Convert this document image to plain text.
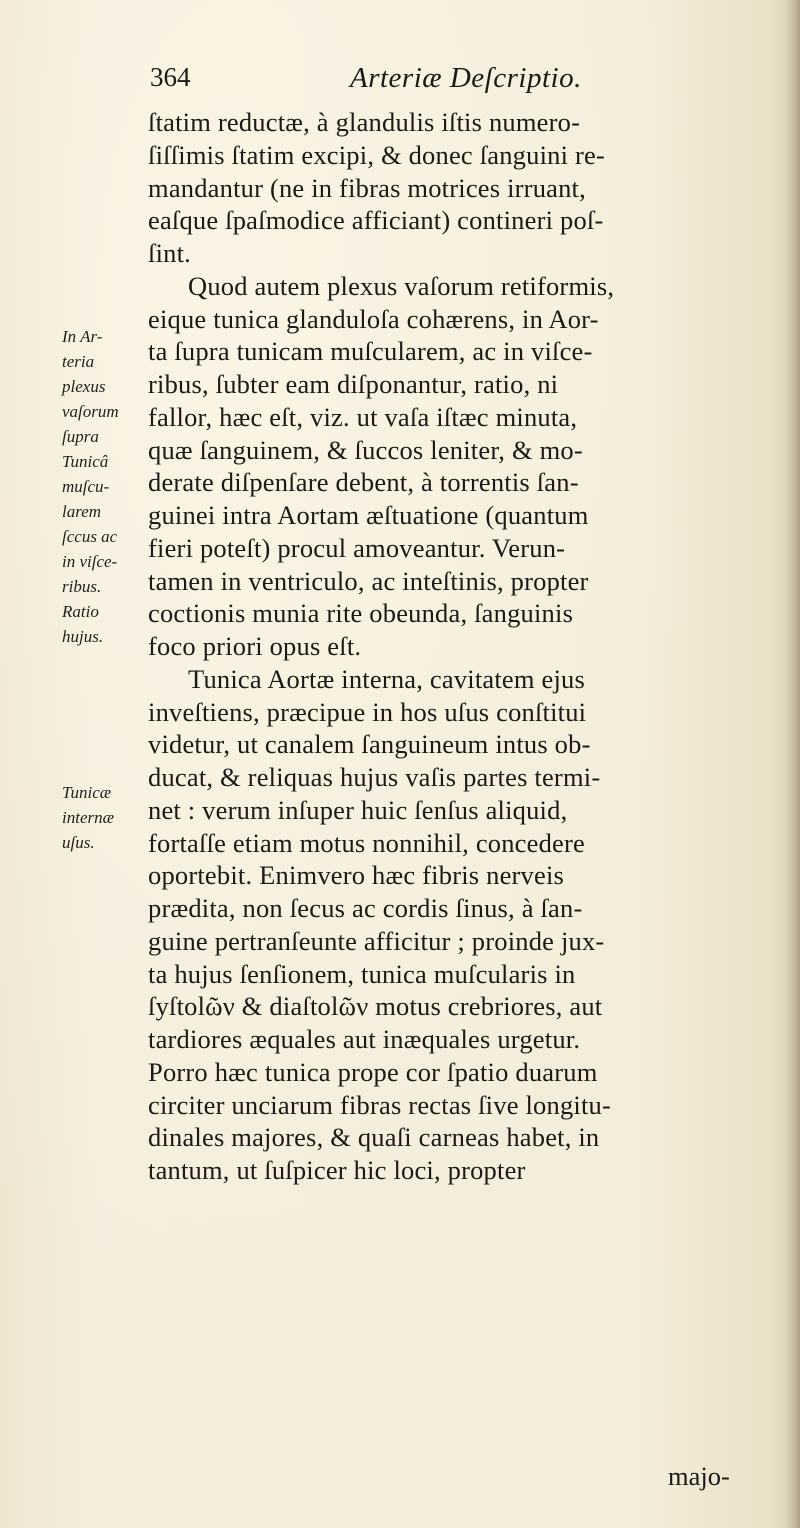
364	Arteriæ Deſcriptio.
In Ar-
teria
plexus
vaſorum
ſupra
Tunicâ
muſcu-
larem
ſccus ac
in viſce-
ribus.
Ratio
hujus.
Tunicæ
internæ
uſus.
ſtatim reductæ, à glandulis iſtis numero-
ſiſſimis ſtatim excipi, & donec ſanguini re-
mandantur (ne in fibras motrices irruant,
eaſque ſpaſmodice afficiant) contineri poſ-
ſint.
Quod autem plexus vaſorum retiformis,
eique tunica glanduloſa cohærens, in Aor-
ta ſupra tunicam muſcularem, ac in viſce-
ribus, ſubter eam diſponantur, ratio, ni
fallor, hæc eſt, viz. ut vaſa iſtæc minuta,
quæ ſanguinem, & ſuccos leniter, & mo-
derate diſpenſare debent, à torrentis ſan-
guinei intra Aortam æſtuatione (quantum
fieri poteſt) procul amoveantur. Verun-
tamen in ventriculo, ac inteſtinis, propter
coctionis munia rite obeunda, ſanguinis
foco priori opus eſt.
Tunica Aortæ interna, cavitatem ejus
inveſtiens, præcipue in hos uſus conſtitui
videtur, ut canalem ſanguineum intus ob-
ducat, & reliquas hujus vaſis partes termi-
net : verum inſuper huic ſenſus aliquid,
fortaſſe etiam motus nonnihil, concedere
oportebit. Enimvero hæc fibris nerveis
prædita, non ſecus ac cordis ſinus, à ſan-
guine pertranſeunte afficitur ; proinde jux-
ta hujus ſenſionem, tunica muſcularis in
ſyſtolῶν & diaſtolῶν motus crebriores, aut
tardiores æquales aut inæquales urgetur.
Porro hæc tunica prope cor ſpatio duarum
circiter unciarum fibras rectas ſive longitu-
dinales majores, & quaſi carneas habet, in
tantum, ut ſuſpicer hic loci, propter
majo-
